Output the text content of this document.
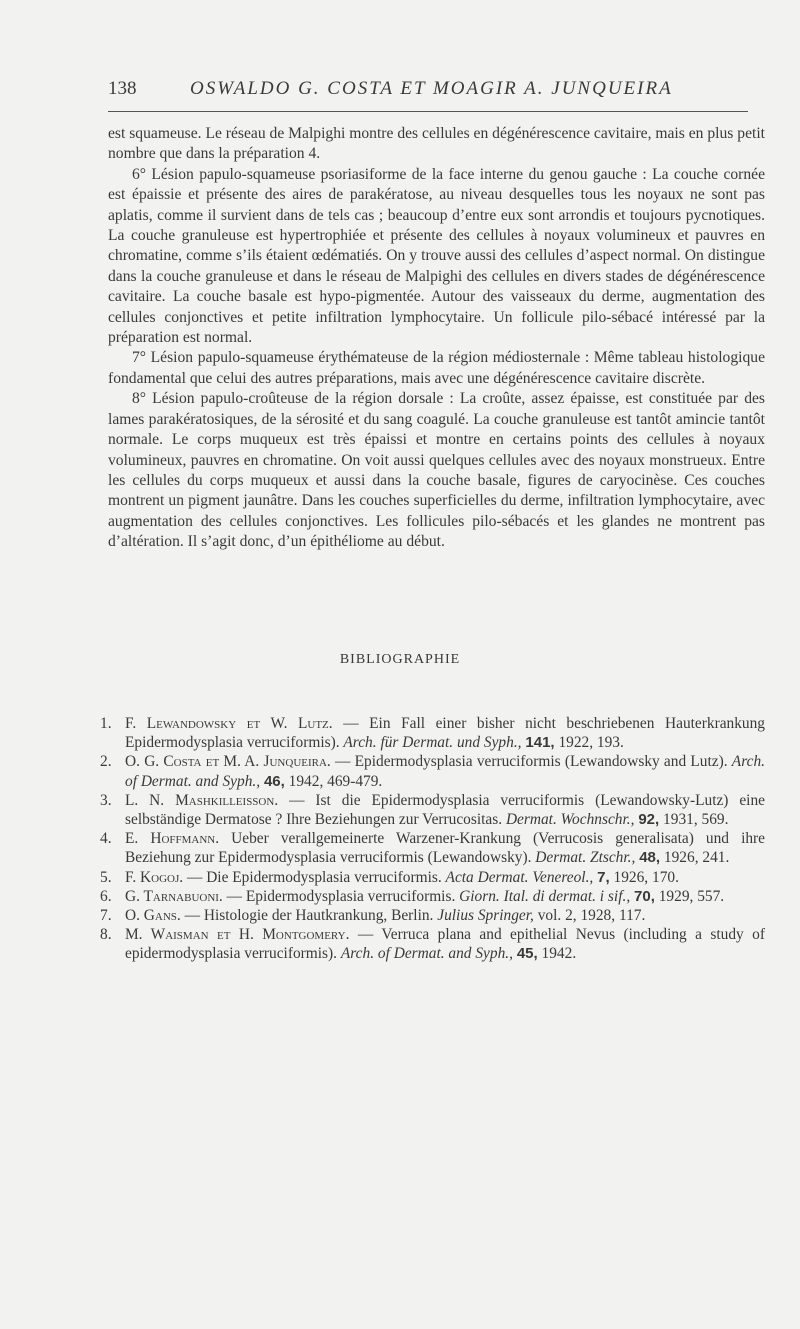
138	OSWALDO G. COSTA ET MOAGIR A. JUNQUEIRA

est squameuse. Le réseau de Malpighi montre des cellules en dégénérescence cavitaire, mais en plus petit nombre que dans la préparation 4.

6° Lésion papulo-squameuse psoriasiforme de la face interne du genou gauche : La couche cornée est épaissie et présente des aires de parakératose, au niveau desquelles tous les noyaux ne sont pas aplatis, comme il survient dans de tels cas ; beaucoup d’entre eux sont arrondis et toujours pycnotiques. La couche granuleuse est hypertrophiée et présente des cellules à noyaux volumineux et pauvres en chromatine, comme s’ils étaient œdématiés. On y trouve aussi des cellules d’aspect normal. On distingue dans la couche granuleuse et dans le réseau de Malpighi des cellules en divers stades de dégénérescence cavitaire. La couche basale est hypo-pigmentée. Autour des vaisseaux du derme, augmentation des cellules conjonctives et petite infiltration lymphocytaire. Un follicule pilo-sébacé intéressé par la préparation est normal.

7° Lésion papulo-squameuse érythémateuse de la région médiosternale : Même tableau histologique fondamental que celui des autres préparations, mais avec une dégénérescence cavitaire discrète.

8° Lésion papulo-croûteuse de la région dorsale : La croûte, assez épaisse, est constituée par des lames parakératosiques, de la sérosité et du sang coagulé. La couche granuleuse est tantôt amincie tantôt normale. Le corps muqueux est très épaissi et montre en certains points des cellules à noyaux volumineux, pauvres en chromatine. On voit aussi quelques cellules avec des noyaux monstrueux. Entre les cellules du corps muqueux et aussi dans la couche basale, figures de caryocinèse. Ces couches montrent un pigment jaunâtre. Dans les couches superficielles du derme, infiltration lymphocytaire, avec augmentation des cellules conjonctives. Les follicules pilo-sébacés et les glandes ne montrent pas d’altération. Il s’agit donc, d’un épithéliome au début.

BIBLIOGRAPHIE
1. F. Lewandowsky et W. Lutz. — Ein Fall einer bisher nicht beschriebenen Hauterkrankung Epidermodysplasia verruciformis). Arch. für Dermat. und Syph., 141, 1922, 193.
2. O. G. Costa et M. A. Junqueira. — Epidermodysplasia verruciformis (Lewandowsky and Lutz). Arch. of Dermat. and Syph., 46, 1942, 469-479.
3. L. N. Mashkilleisson. — Ist die Epidermodysplasia verruciformis (Lewandowsky-Lutz) eine selbständige Dermatose ? Ihre Beziehungen zur Verrucositas. Dermat. Wochnschr., 92, 1931, 569.
4. E. Hoffmann. Ueber verallgemeinerte Warzener-Krankung (Verrucosis generalisata) und ihre Beziehung zur Epidermodysplasia verruciformis (Lewandowsky). Dermat. Ztschr., 48, 1926, 241.
5. F. Kogoj. — Die Epidermodysplasia verruciformis. Acta Dermat. Venereol., 7, 1926, 170.
6. G. Tarnabuoni. — Epidermodysplasia verruciformis. Giorn. Ital. di dermat. i sif., 70, 1929, 557.
7. O. Gans. — Histologie der Hautkrankung, Berlin. Julius Springer, vol. 2, 1928, 117.
8. M. Waisman et H. Montgomery. — Verruca plana and epithelial Nevus (including a study of epidermodysplasia verruciformis). Arch. of Dermat. and Syph., 45, 1942.
